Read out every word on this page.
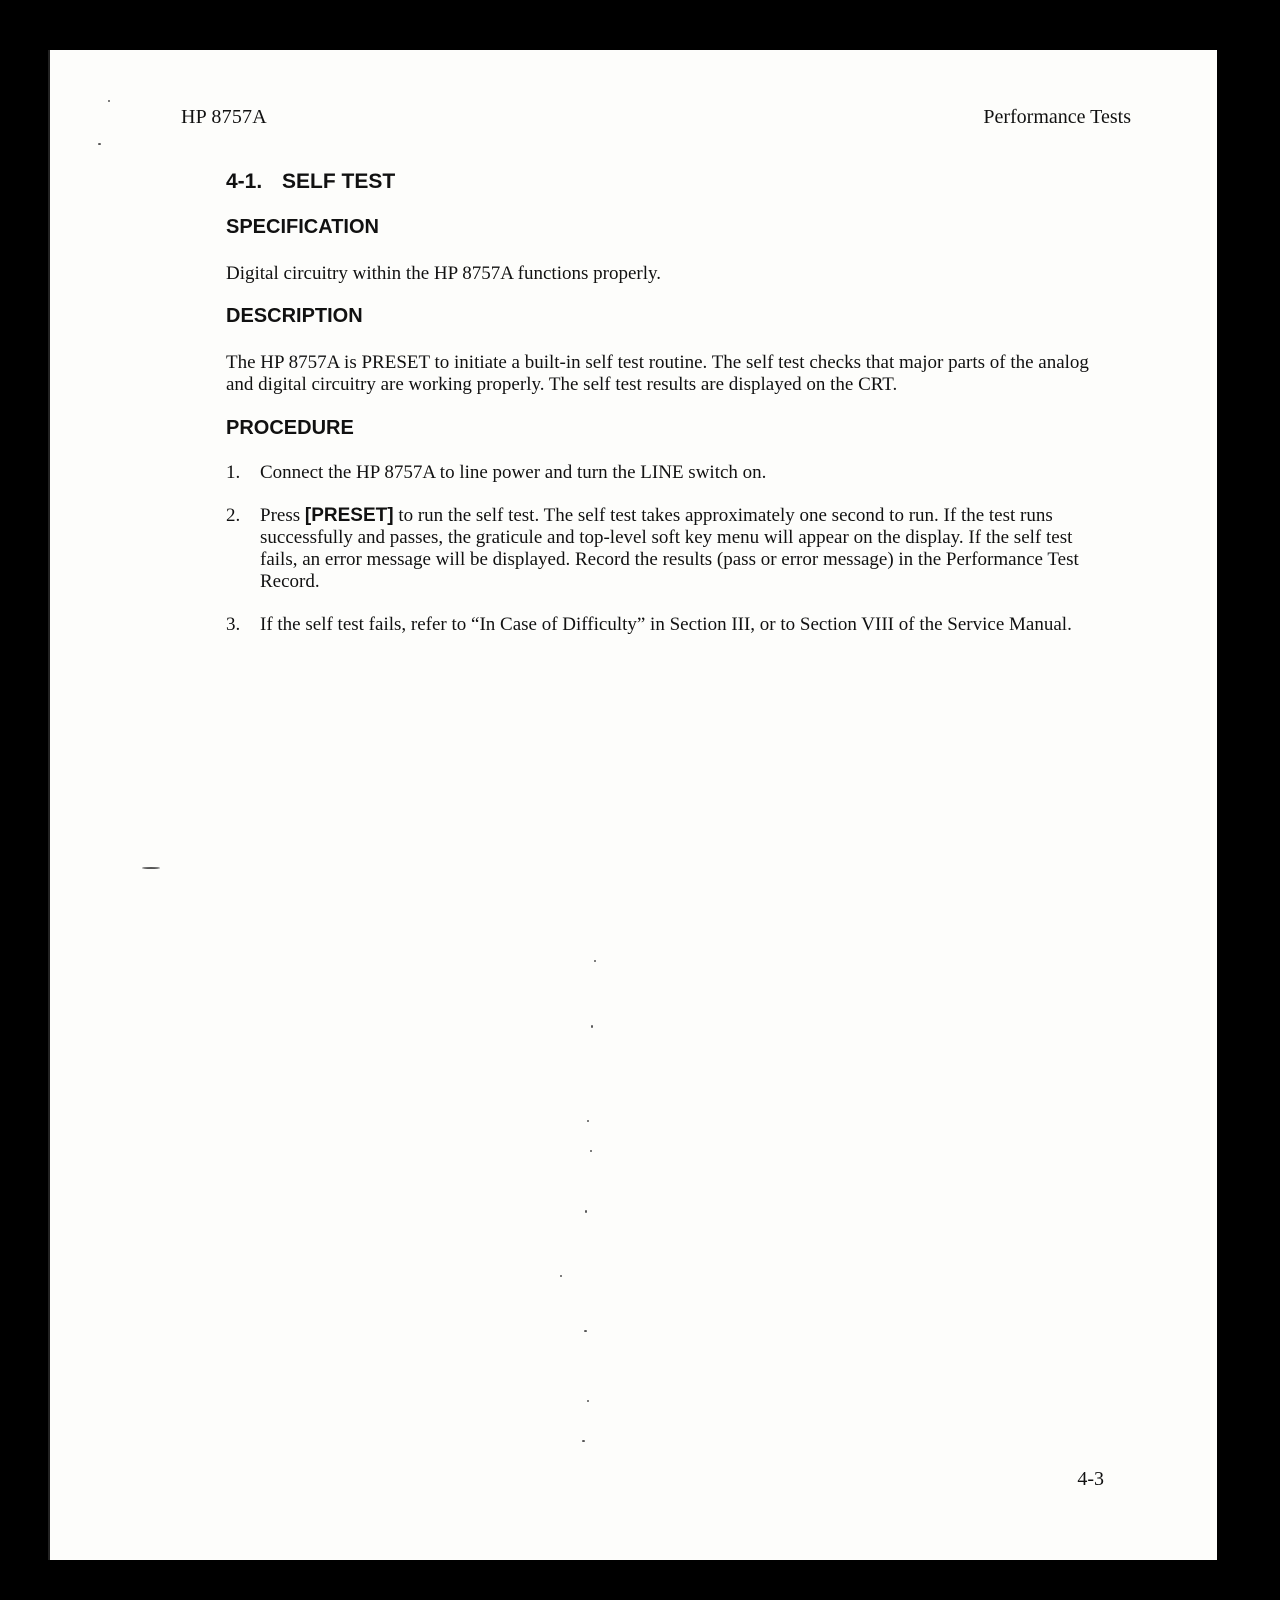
HP 8757A	Performance Tests
4-1. SELF TEST
SPECIFICATION
Digital circuitry within the HP 8757A functions properly.
DESCRIPTION
The HP 8757A is PRESET to initiate a built-in self test routine. The self test checks that major parts of the analog and digital circuitry are working properly. The self test results are displayed on the CRT.
PROCEDURE
1. Connect the HP 8757A to line power and turn the LINE switch on.
2. Press [PRESET] to run the self test. The self test takes approximately one second to run. If the test runs successfully and passes, the graticule and top-level soft key menu will appear on the display. If the self test fails, an error message will be displayed. Record the results (pass or error message) in the Performance Test Record.
3. If the self test fails, refer to “In Case of Difficulty” in Section III, or to Section VIII of the Service Manual.
4-3
